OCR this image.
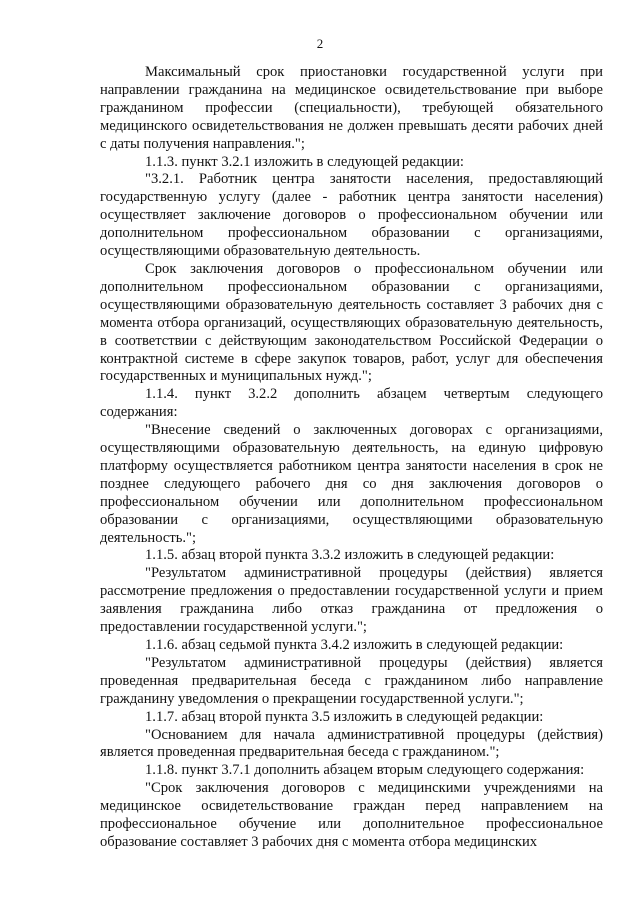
2

Максимальный срок приостановки государственной услуги при направлении гражданина на медицинское освидетельствование при выборе гражданином профессии (специальности), требующей обязательного медицинского освидетельствования не должен превышать десяти рабочих дней с даты получения направления.";

1.1.3. пункт 3.2.1 изложить в следующей редакции:

"3.2.1. Работник центра занятости населения, предоставляющий государственную услугу (далее - работник центра занятости населения) осуществляет заключение договоров о профессиональном обучении или дополнительном профессиональном образовании с организациями, осуществляющими образовательную деятельность.

Срок заключения договоров о профессиональном обучении или дополнительном профессиональном образовании с организациями, осуществляющими образовательную деятельность составляет 3 рабочих дня с момента отбора организаций, осуществляющих образовательную деятельность, в соответствии с действующим законодательством Российской Федерации о контрактной системе в сфере закупок товаров, работ, услуг для обеспечения государственных и муниципальных нужд.";

1.1.4. пункт 3.2.2 дополнить абзацем четвертым следующего содержания:

"Внесение сведений о заключенных договорах с организациями, осуществляющими образовательную деятельность, на единую цифровую платформу осуществляется работником центра занятости населения в срок не позднее следующего рабочего дня со дня заключения договоров о профессиональном обучении или дополнительном профессиональном образовании с организациями, осуществляющими образовательную деятельность.";

1.1.5. абзац второй пункта 3.3.2 изложить в следующей редакции:

"Результатом административной процедуры (действия) является рассмотрение предложения о предоставлении государственной услуги и прием заявления гражданина либо отказ гражданина от предложения о предоставлении государственной услуги.";

1.1.6. абзац седьмой пункта 3.4.2 изложить в следующей редакции:

"Результатом административной процедуры (действия) является проведенная предварительная беседа с гражданином либо направление гражданину уведомления о прекращении государственной услуги.";

1.1.7. абзац второй пункта 3.5 изложить в следующей редакции:

"Основанием для начала административной процедуры (действия) является проведенная предварительная беседа с гражданином.";

1.1.8. пункт 3.7.1 дополнить абзацем вторым следующего содержания:

"Срок заключения договоров с медицинскими учреждениями на медицинское освидетельствование граждан перед направлением на профессиональное обучение или дополнительное профессиональное образование составляет 3 рабочих дня с момента отбора медицинских
